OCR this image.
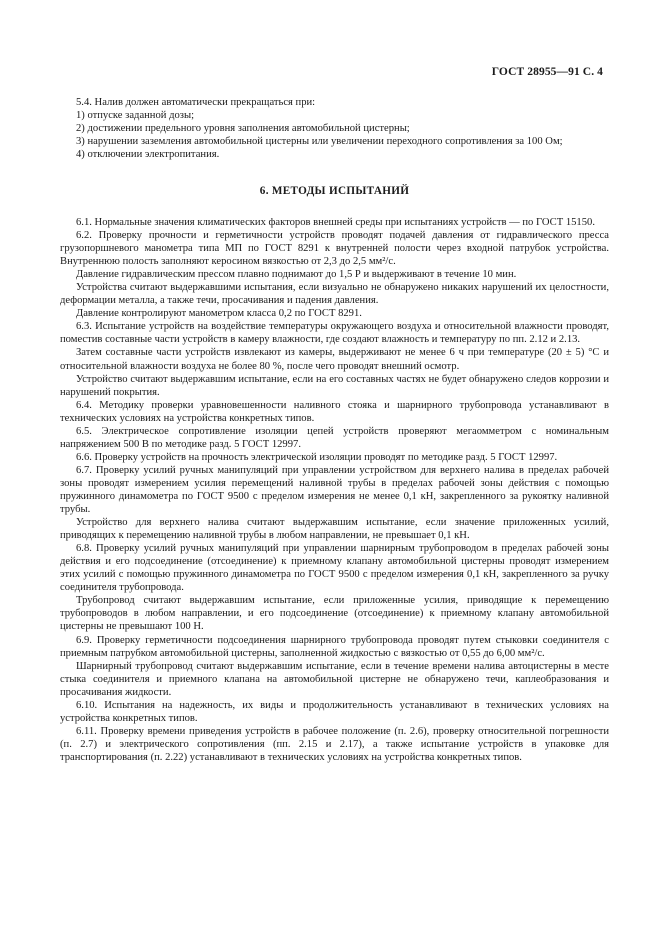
ГОСТ 28955—91 С. 4

5.4. Налив должен автоматически прекращаться при:

1) отпуске заданной дозы;

2) достижении предельного уровня заполнения автомобильной цистерны;

3) нарушении заземления автомобильной цистерны или увеличении переходного сопротивления за 100 Ом;

4) отключении электропитания.

6. МЕТОДЫ ИСПЫТАНИЙ

6.1. Нормальные значения климатических факторов внешней среды при испытаниях устройств — по ГОСТ 15150.

6.2. Проверку прочности и герметичности устройств проводят подачей давления от гидравлического пресса грузопоршневого манометра типа МП по ГОСТ 8291 к внутренней полости через входной патрубок устройства. Внутреннюю полость заполняют керосином вязкостью от 2,3 до 2,5 мм²/с.

Давление гидравлическим прессом плавно поднимают до 1,5 Р и выдерживают в течение 10 мин.

Устройства считают выдержавшими испытания, если визуально не обнаружено никаких нарушений их целостности, деформации металла, а также течи, просачивания и падения давления.

Давление контролируют манометром класса 0,2 по ГОСТ 8291.

6.3. Испытание устройств на воздействие температуры окружающего воздуха и относительной влажности проводят, поместив составные части устройств в камеру влажности, где создают влажность и температуру по пп. 2.12 и 2.13.

Затем составные части устройств извлекают из камеры, выдерживают не менее 6 ч при температуре (20 ± 5) °С и относительной влажности воздуха не более 80 %, после чего проводят внешний осмотр.

Устройство считают выдержавшим испытание, если на его составных частях не будет обнаружено следов коррозии и нарушений покрытия.

6.4. Методику проверки уравновешенности наливного стояка и шарнирного трубопровода устанавливают в технических условиях на устройства конкретных типов.

6.5. Электрическое сопротивление изоляции цепей устройств проверяют мегаомметром с номинальным напряжением 500 В по методике разд. 5 ГОСТ 12997.

6.6. Проверку устройств на прочность электрической изоляции проводят по методике разд. 5 ГОСТ 12997.

6.7. Проверку усилий ручных манипуляций при управлении устройством для верхнего налива в пределах рабочей зоны проводят измерением усилия перемещений наливной трубы в пределах рабочей зоны действия с помощью пружинного динамометра по ГОСТ 9500 с пределом измерения не менее 0,1 кН, закрепленного за рукоятку наливной трубы.

Устройство для верхнего налива считают выдержавшим испытание, если значение приложенных усилий, приводящих к перемещению наливной трубы в любом направлении, не превышает 0,1 кН.

6.8. Проверку усилий ручных манипуляций при управлении шарнирным трубопроводом в пределах рабочей зоны действия и его подсоединение (отсоединение) к приемному клапану автомобильной цистерны проводят измерением этих усилий с помощью пружинного динамометра по ГОСТ 9500 с пределом измерения 0,1 кН, закрепленного за ручку соединителя трубопровода.

Трубопровод считают выдержавшим испытание, если приложенные усилия, приводящие к перемещению трубопроводов в любом направлении, и его подсоединение (отсоединение) к приемному клапану автомобильной цистерны не превышают 100 Н.

6.9. Проверку герметичности подсоединения шарнирного трубопровода проводят путем стыковки соединителя с приемным патрубком автомобильной цистерны, заполненной жидкостью с вязкостью от 0,55 до 6,00 мм²/с.

Шарнирный трубопровод считают выдержавшим испытание, если в течение времени налива автоцистерны в месте стыка соединителя и приемного клапана на автомобильной цистерне не обнаружено течи, каплеобразования и просачивания жидкости.

6.10. Испытания на надежность, их виды и продолжительность устанавливают в технических условиях на устройства конкретных типов.

6.11. Проверку времени приведения устройств в рабочее положение (п. 2.6), проверку относительной погрешности (п. 2.7) и электрического сопротивления (пп. 2.15 и 2.17), а также испытание устройств в упаковке для транспортирования (п. 2.22) устанавливают в технических условиях на устройства конкретных типов.
